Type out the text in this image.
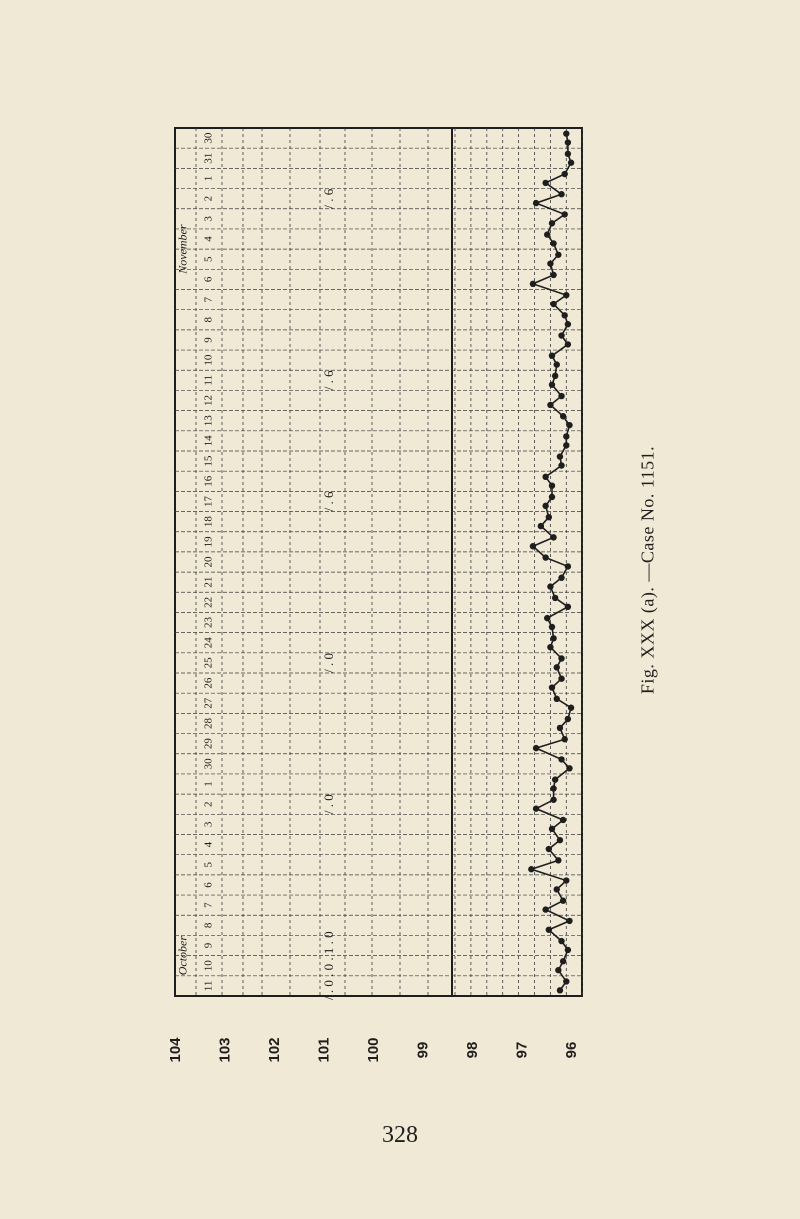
30
31
1
2
3
4
5
6
7
8
9
10
11
12
13
14
15
16
17
18
19
20
21
22
23
24
25
26
27
28
29
30
1
2
3
4
5
6
7
8
9
10
11
October
November
/ . 0 . 0 . 1 . 0
/ . 0
/ . 0
/ . 6
/ . 6
/ . 6
104 103 102 101 100 99 98 97 96
Fig. XXX (a). —Case No. 1151.
328
